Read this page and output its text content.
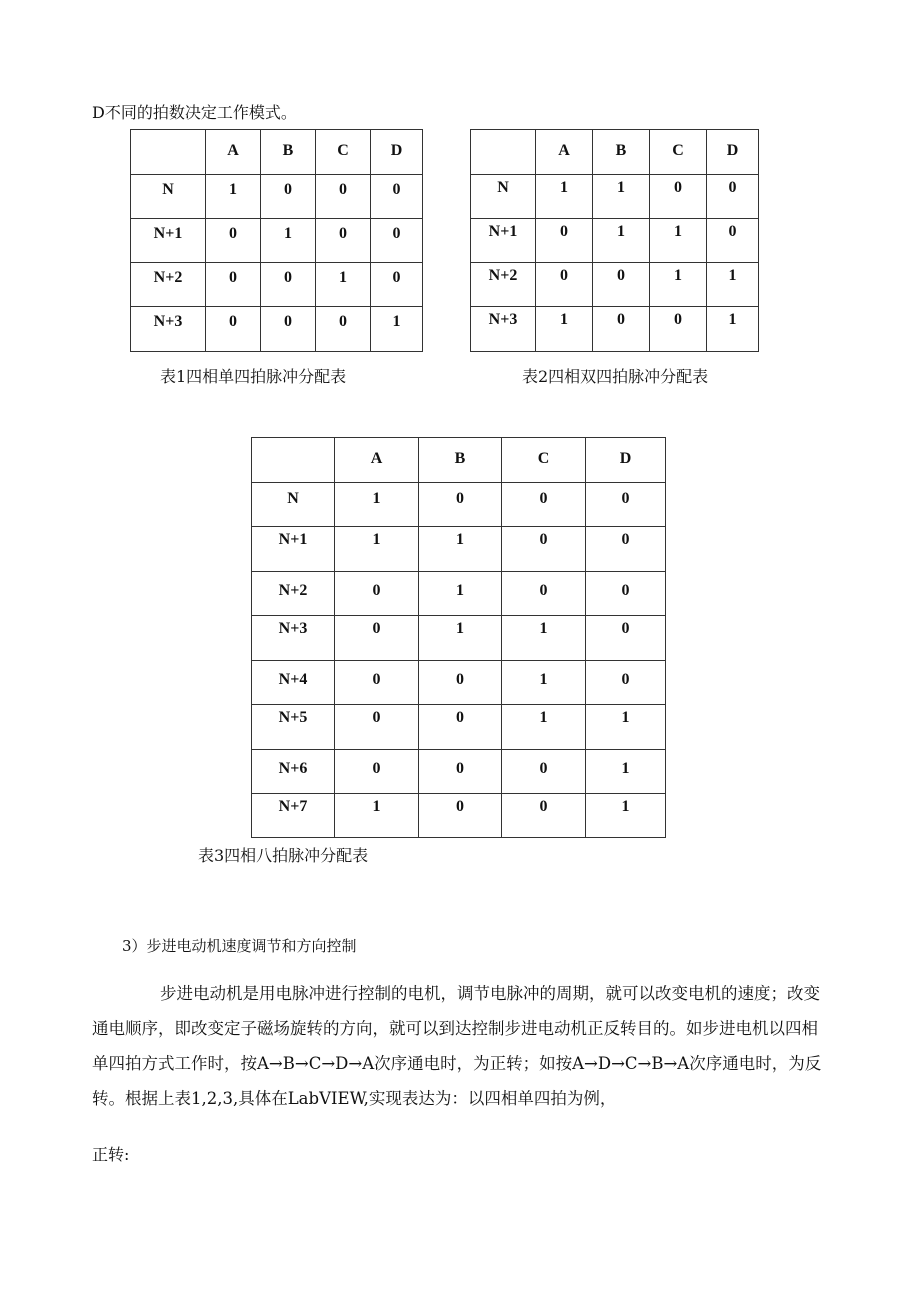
D不同的拍数决定工作模式。
	A	B	C	D
N	1	0	0	0
N+1	0	1	0	0
N+2	0	0	1	0
N+3	0	0	0	1
表1四相单四拍脉冲分配表
	A	B	C	D
N	1	1	0	0
N+1	0	1	1	0
N+2	0	0	1	1
N+3	1	0	0	1
表2四相双四拍脉冲分配表
	A	B	C	D
N	1	0	0	0
N+1	1	1	0	0
N+2	0	1	0	0
N+3	0	1	1	0
N+4	0	0	1	0
N+5	0	0	1	1
N+6	0	0	0	1
N+7	1	0	0	1
表3四相八拍脉冲分配表
3）步进电动机速度调节和方向控制

步进电动机是用电脉冲进行控制的电机，调节电脉冲的周期，就可以改变电机的速度；改变通电顺序，即改变定子磁场旋转的方向，就可以到达控制步进电动机正反转目的。如步进电机以四相单四拍方式工作时，按A→B→C→D→A次序通电时，为正转；如按A→D→C→B→A次序通电时，为反转。根据上表1,2,3,具体在LabVIEW,实现表达为：以四相单四拍为例，

正转:
